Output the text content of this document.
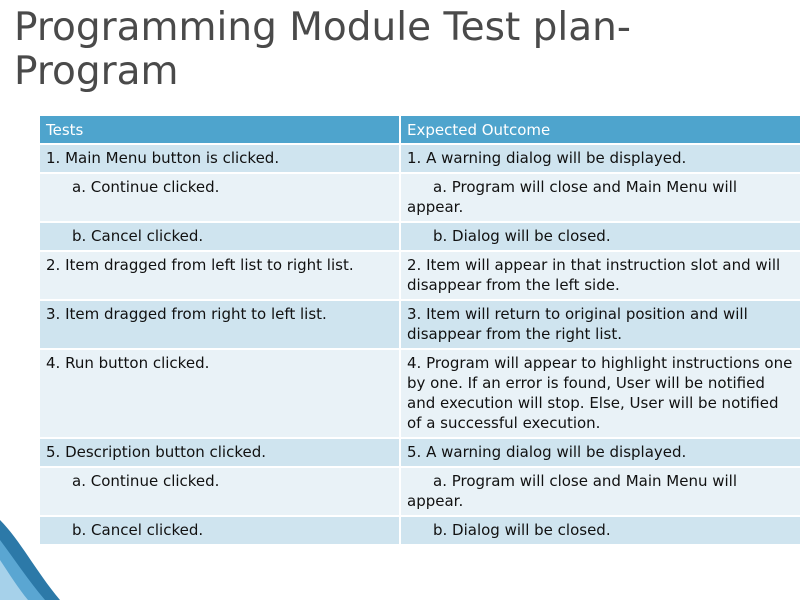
Programming Module Test plan- Program
Tests	Expected Outcome
1. Main Menu button is clicked.	1. A warning dialog will be displayed.
a. Continue clicked.	a. Program will close and Main Menu will appear.
b. Cancel clicked.	b. Dialog will be closed.
2. Item dragged from left list to right list.	2. Item will appear in that instruction slot and will disappear from the left side.
3. Item dragged from right to left list.	3. Item will return to original position and will disappear from the right list.
4. Run button clicked.	4. Program will appear to highlight instructions one by one. If an error is found, User will be notified and execution will stop. Else, User will be notified of a successful execution.
5. Description button clicked.	5. A warning dialog will be displayed.
a. Continue clicked.	a. Program will close and Main Menu will appear.
b. Cancel clicked.	b. Dialog will be closed.
